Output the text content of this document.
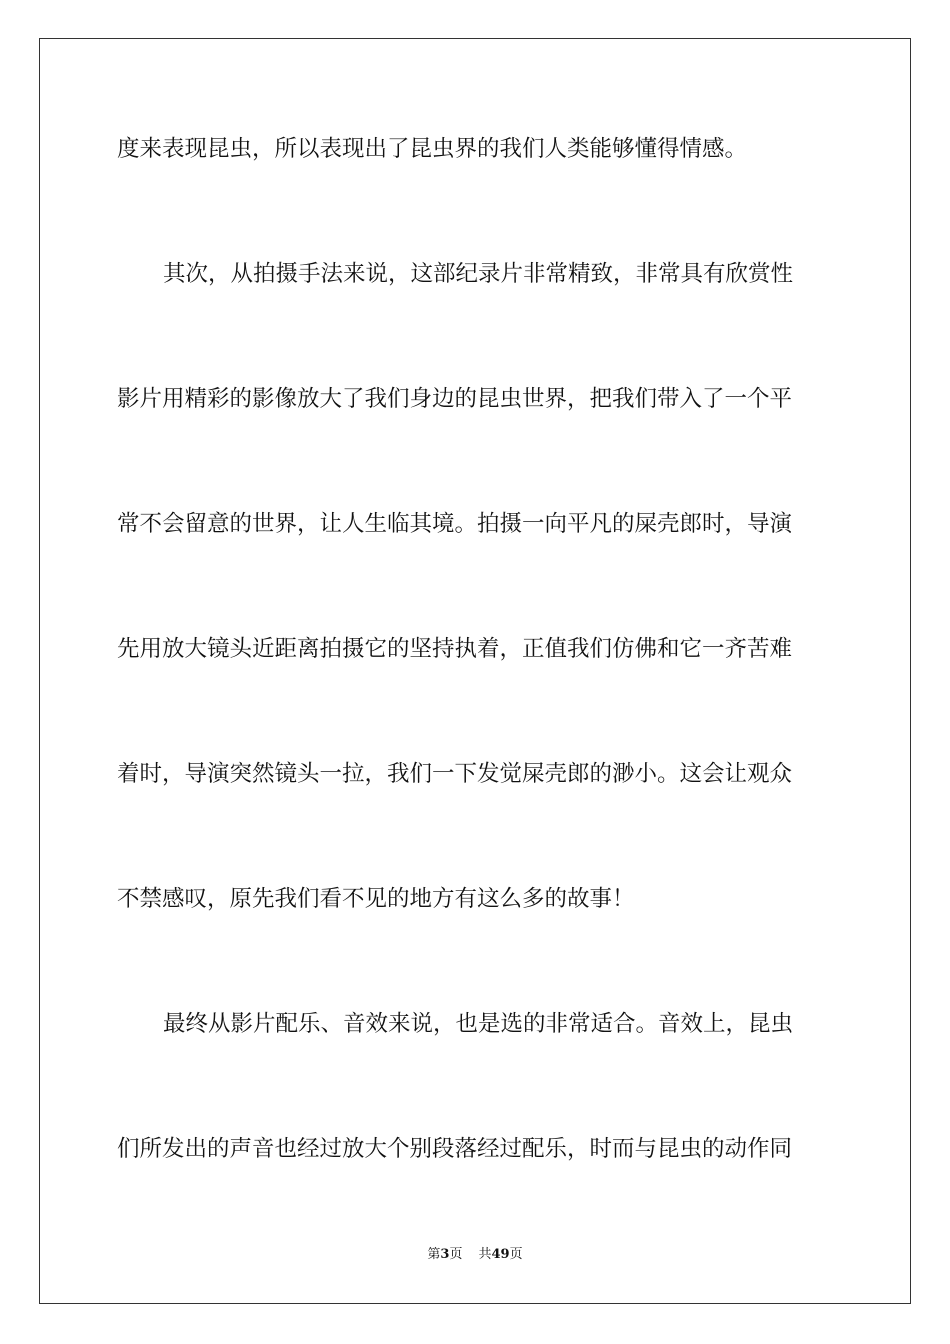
度来表现昆虫，所以表现出了昆虫界的我们人类能够懂得情感。
其次，从拍摄手法来说，这部纪录片非常精致，非常具有欣赏性
影片用精彩的影像放大了我们身边的昆虫世界，把我们带入了一个平
常不会留意的世界，让人生临其境。拍摄一向平凡的屎壳郎时，导演
先用放大镜头近距离拍摄它的坚持执着，正值我们仿佛和它一齐苦难
着时，导演突然镜头一拉，我们一下发觉屎壳郎的渺小。这会让观众
不禁感叹，原先我们看不见的地方有这么多的故事！
最终从影片配乐、音效来说，也是选的非常适合。音效上，昆虫
们所发出的声音也经过放大个别段落经过配乐，时而与昆虫的动作同
第3页 共49页
